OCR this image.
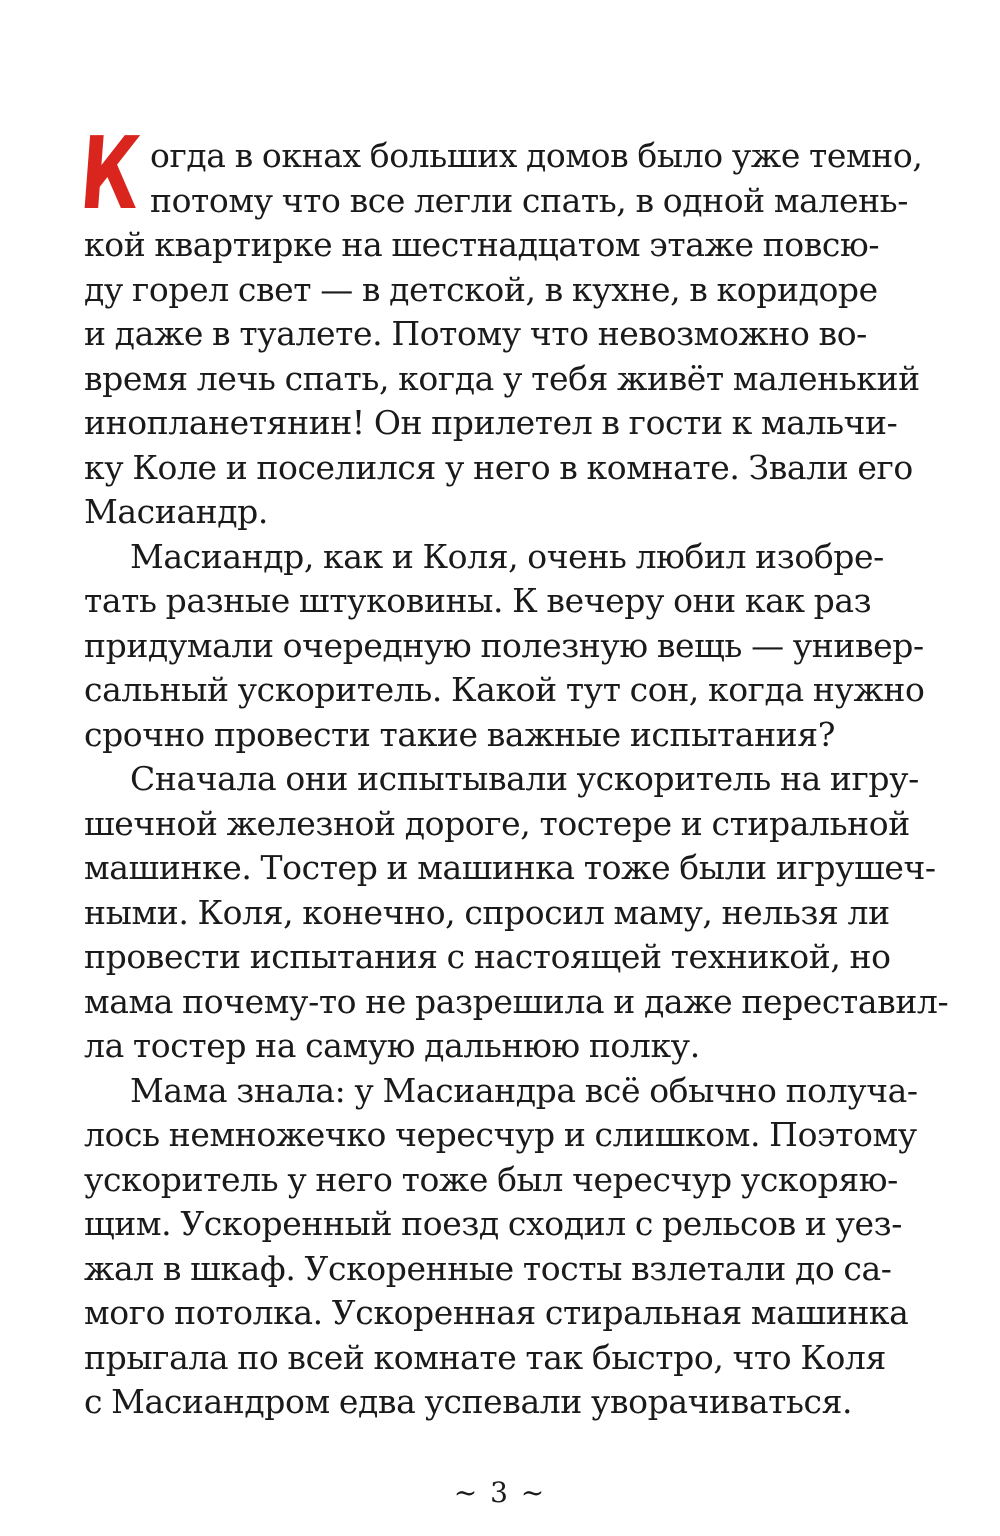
К огда в окнах больших домов было уже темно,
потому что все легли спать, в одной малень-
кой квартирке на шестнадцатом этаже повсю-
ду горел свет — в детской, в кухне, в коридоре
и даже в туалете. Потому что невозможно во-
время лечь спать, когда у тебя живёт маленький
инопланетянин! Он прилетел в гости к мальчи-
ку Коле и поселился у него в комнате. Звали его
Масиандр.
Масиандр, как и Коля, очень любил изобре-
тать разные штуковины. К вечеру они как раз
придумали очередную полезную вещь — универ-
сальный ускоритель. Какой тут сон, когда нужно
срочно провести такие важные испытания?
Сначала они испытывали ускоритель на игру-
шечной железной дороге, тостере и стиральной
машинке. Тостер и машинка тоже были игрушеч-
ными. Коля, конечно, спросил маму, нельзя ли
провести испытания с настоящей техникой, но
мама почему-то не разрешила и даже переставил-
ла тостер на самую дальнюю полку.
Мама знала: у Масиандра всё обычно получа-
лось немножечко чересчур и слишком. Поэтому
ускоритель у него тоже был чересчур ускоряю-
щим. Ускоренный поезд сходил с рельсов и уез-
жал в шкаф. Ускоренные тосты взлетали до са-
мого потолка. Ускоренная стиральная машинка
прыгала по всей комнате так быстро, что Коля
с Масиандром едва успевали уворачиваться.
~ 3 ~
